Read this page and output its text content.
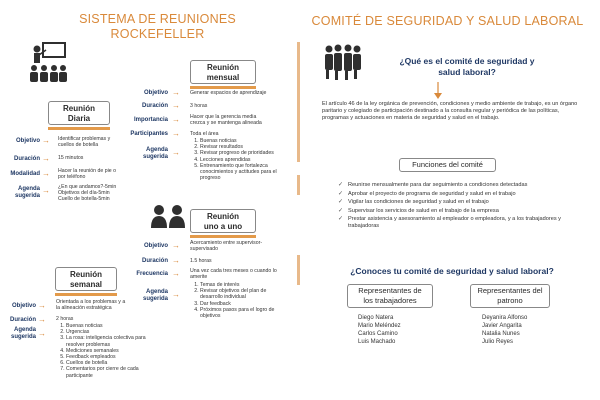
SISTEMA DE REUNIONES
ROCKEFELLER
COMITÉ DE SEGURIDAD Y SALUD LABORAL
Reunión
Diaria
Objetivo → Identificar problemas y
cuellos de botella
Duración → 15 minutos
Modalidad → Hacer la reunión de pie o
por teléfono
Agenda sugerida
→ ¿En que andamos?-5min
Objetivos del día-5min
Cuello de botella-5min
Reunión
mensual
Objetivo → Generar espacios de aprendizaje
Duración → 3 horas
Importancia → Hacer que la gerencia media
crezca y se mantenga alineada
Participantes → Toda el área
Agenda sugerida →
1. Buenas noticias
2. Revisar resultados
3. Revisar progreso de prioridades
4. Lecciones aprendidas
5. Entrenamiento que fortalezca conocimientos y actitudes para el progreso
Reunión
uno a uno
Objetivo → Acercamiento entre supervisor-
supervisado
Duración → 1.5 horas
Frecuencia → Una vez cada tres meses o cuando lo
amerite
Agenda sugerida →
1. Temas de interés
2. Revisar objetivos del plan de desarrollo individual
3. Dar feedback
4. Próximos pasos para el logro de objetivos
Reunión
semanal
Objetivo → Orientada a los problemas y a
la alineación estratégica
Duración → 2 horas
Agenda sugerida →
1. Buenas noticias
2. Urgencias
3. La rosa: inteligencia colectiva para resolver problemas
4. Mediciones semanales
5. Feedback empleados
6. Cuellos de botella
7. Comentarios por cierre de cada participante
¿Qué es el comité de seguridad y
salud laboral?
El artículo 46 de la ley orgánica de prevención, condiciones y medio ambiente de trabajo, es un órgano paritario y colegiado de participación destinado a la consulta regular y periódica de las políticas, programas y actuaciones en materia de seguridad y salud en el trabajo.
Funciones del comité
✓ Reunirse mensualmente para dar seguimiento a condiciones detectadas
✓ Aprobar el proyecto de programa de seguridad y salud en el trabajo
✓ Vigilar las condiciones de seguridad y salud en el trabajo
✓ Supervisar los servicios de salud en el trabajo de la empresa
✓ Prestar asistencia y asesoramiento al empleador o empleadora, y a los trabajadores y trabajadoras
¿Conoces tu comité de seguridad y salud laboral?
Representantes de
los trabajadores
Diego Natera
Mario Meléndez
Carlos Camino
Luis Machado
Representantes del
patrono
Deyanira Alfonso
Javier Angarita
Natalia Nunes
Julio Reyes
